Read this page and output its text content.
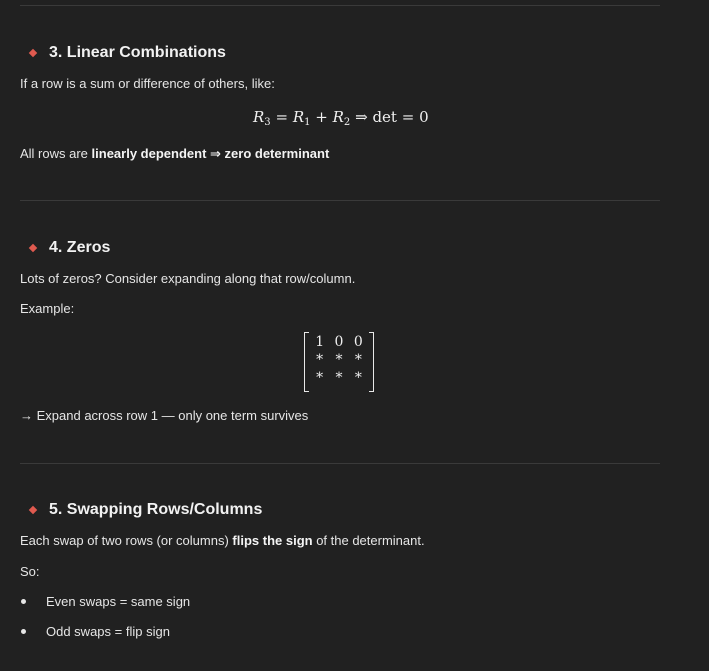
3. Linear Combinations
If a row is a sum or difference of others, like:
$R_3 = R_1 + R_2$ ⇒ det = 0
All rows are linearly dependent ⇒ zero determinant
4. Zeros
Lots of zeros? Consider expanding along that row/column.
Example:
1 0 0
* * *
* * *
→ Expand across row 1 — only one term survives
5. Swapping Rows/Columns
Each swap of two rows (or columns) flips the sign of the determinant.
So:
Even swaps = same sign
Odd swaps = flip sign
